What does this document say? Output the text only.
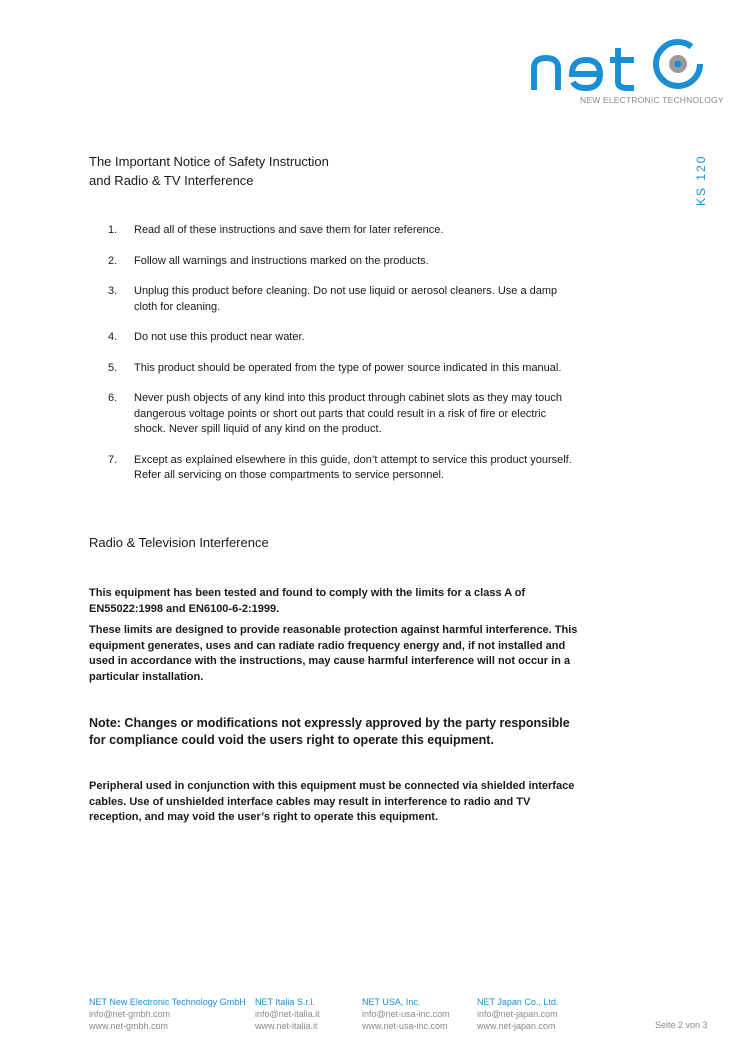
NEW ELECTRONIC TECHNOLOGY
KS 120
The Important Notice of Safety Instruction
and Radio & TV Interference
1. Read all of these instructions and save them for later reference.
2. Follow all warnings and instructions marked on the products.
3. Unplug this product before cleaning. Do not use liquid or aerosol cleaners. Use a damp cloth for cleaning.
4. Do not use this product near water.
5. This product should be operated from the type of power source indicated in this manual.
6. Never push objects of any kind into this product through cabinet slots as they may touch dangerous voltage points or short out parts that could result in a risk of fire or electric shock. Never spill liquid of any kind on the product.
7. Except as explained elsewhere in this guide, don’t attempt to service this product yourself. Refer all servicing on those compartments to service personnel.
Radio & Television Interference
This equipment has been tested and found to comply with the limits for a class A of EN55022:1998 and EN6100-6-2:1999.
These limits are designed to provide reasonable protection against harmful interference. This equipment generates, uses and can radiate radio frequency energy and, if not installed and used in accordance with the instructions, may cause harmful interference will not occur in a particular installation.
Note: Changes or modifications not expressly approved by the party responsible for compliance could void the users right to operate this equipment.
Peripheral used in conjunction with this equipment must be connected via shielded interface cables. Use of unshielded interface cables may result in interference to radio and TV reception, and may void the user’s right to operate this equipment.
NET New Electronic Technology GmbH
info@net-gmbh.com
www.net-gmbh.com
NET Italia S.r.l.
info@net-italia.it
www.net-italia.it
NET USA, Inc.
info@net-usa-inc.com
www.net-usa-inc.com
NET Japan Co., Ltd.
info@net-japan.com
www.net-japan.com	Seite 2 von 3
